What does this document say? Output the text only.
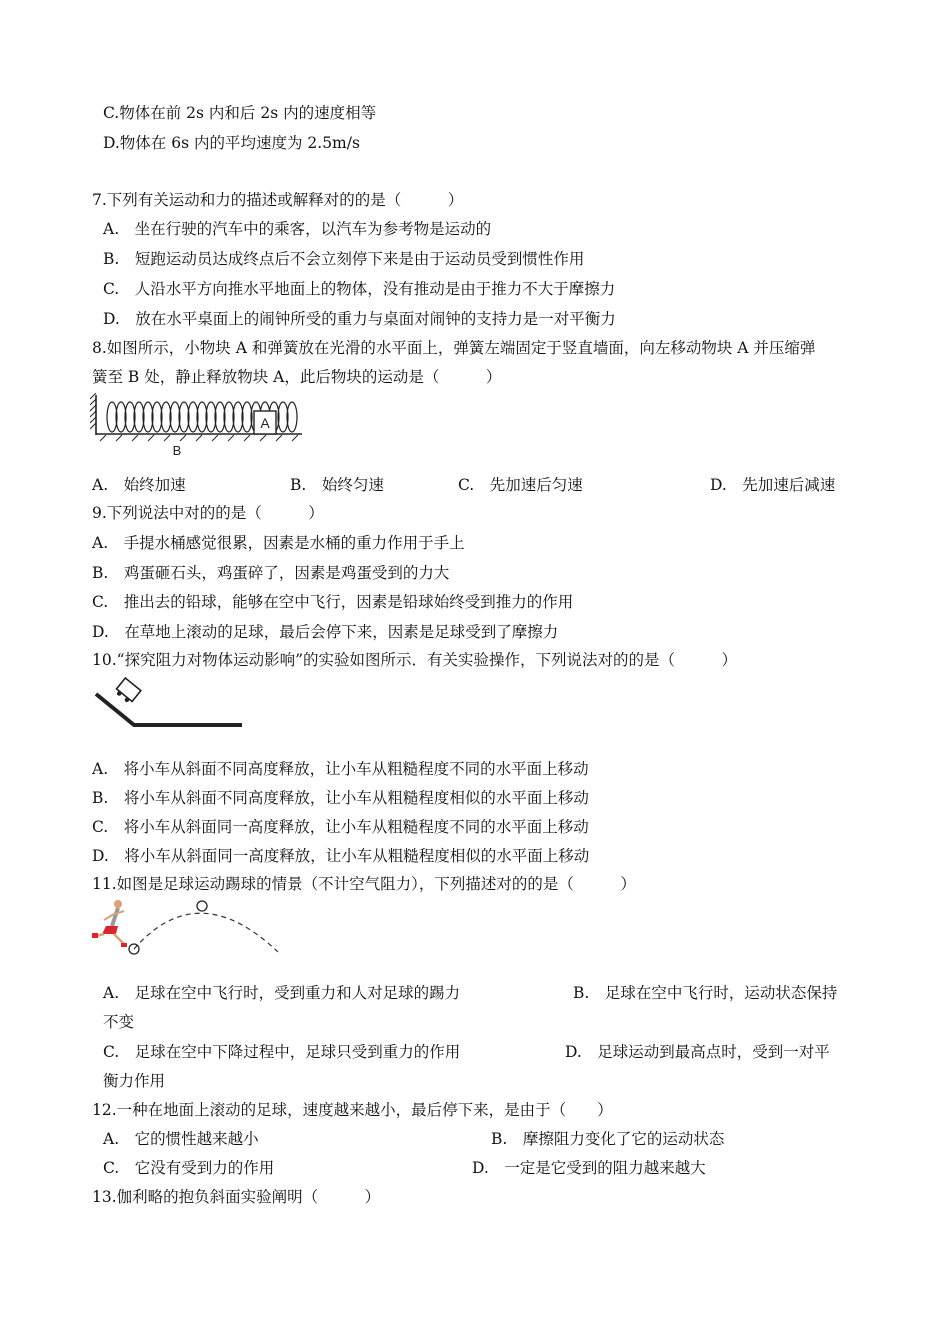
C.物体在前 2s 内和后 2s 内的速度相等
D.物体在 6s 内的平均速度为 2.5m/s
7.下列有关运动和力的描述或解释对的的是（　　　）
A.　坐在行驶的汽车中的乘客，以汽车为参考物是运动的
B.　短跑运动员达成终点后不会立刻停下来是由于运动员受到惯性作用
C.　人沿水平方向推水平地面上的物体，没有推动是由于推力不大于摩擦力
D.　放在水平桌面上的闹钟所受的重力与桌面对闹钟的支持力是一对平衡力
8.如图所示，小物块 A 和弹簧放在光滑的水平面上，弹簧左端固定于竖直墙面，向左移动物块 A 并压缩弹
簧至 B 处，静止释放物块 A，此后物块的运动是（　　　）
A
B
A.　始终加速	B.　始终匀速	C.　先加速后匀速	D.　先加速后减速
9.下列说法中对的的是（　　　）
A.　手提水桶感觉很累，因素是水桶的重力作用于手上
B.　鸡蛋砸石头，鸡蛋碎了，因素是鸡蛋受到的力大
C.　推出去的铅球，能够在空中飞行，因素是铅球始终受到推力的作用
D.　在草地上滚动的足球，最后会停下来，因素是足球受到了摩擦力
10.“探究阻力对物体运动影响”的实验如图所示．有关实验操作，下列说法对的的是（　　　）
A.　将小车从斜面不同高度释放，让小车从粗糙程度不同的水平面上移动
B.　将小车从斜面不同高度释放，让小车从粗糙程度相似的水平面上移动
C.　将小车从斜面同一高度释放，让小车从粗糙程度不同的水平面上移动
D.　将小车从斜面同一高度释放，让小车从粗糙程度相似的水平面上移动
11.如图是足球运动踢球的情景（不计空气阻力），下列描述对的的是（　　　）
A.　足球在空中飞行时，受到重力和人对足球的踢力	B.　足球在空中飞行时，运动状态保持
不变
C.　足球在空中下降过程中，足球只受到重力的作用	D.　足球运动到最高点时，受到一对平
衡力作用
12.一种在地面上滚动的足球，速度越来越小，最后停下来，是由于（　　）
A.　它的惯性越来越小	B.　摩擦阻力变化了它的运动状态
C.　它没有受到力的作用	D.　一定是它受到的阻力越来越大
13.伽利略的抱负斜面实验阐明（　　　）
